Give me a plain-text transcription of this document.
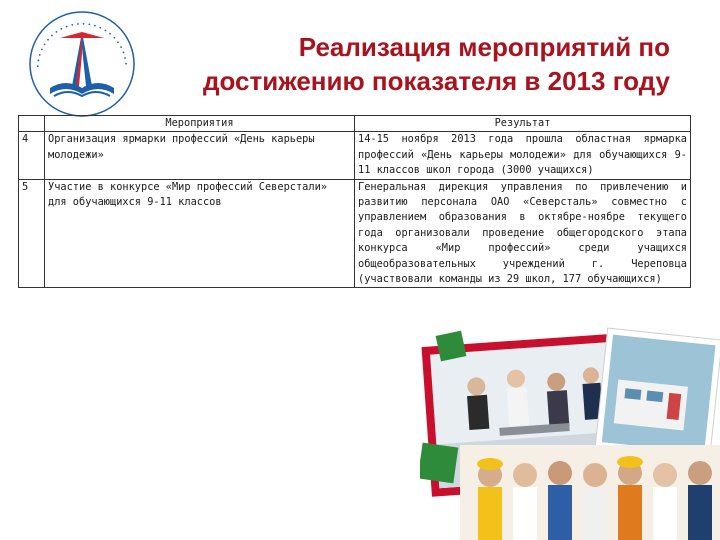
• • • • • • • • • • • • • • • • • • • • • • • •
Реализация мероприятий по
достижению показателя в 2013 году
	Мероприятия	Результат
4	Организация ярмарки профессий «День карьеры молодежи»	14-15 ноября 2013 года прошла областная ярмарка профессий «День карьеры молодежи» для обучающихся 9-11 классов школ города (3000 учащихся)
5	Участие в конкурсе «Мир профессий Северстали» для обучающихся 9-11 классов	Генеральная дирекция управления по привлечению и развитию персонала ОАО «Северсталь» совместно с управлением образования в октябре-ноябре текущего года организовали проведение общегородского этапа конкурса «Мир профессий» среди учащихся общеобразовательных учреждений г. Череповца (участвовали команды из 29 школ, 177 обучающихся)
